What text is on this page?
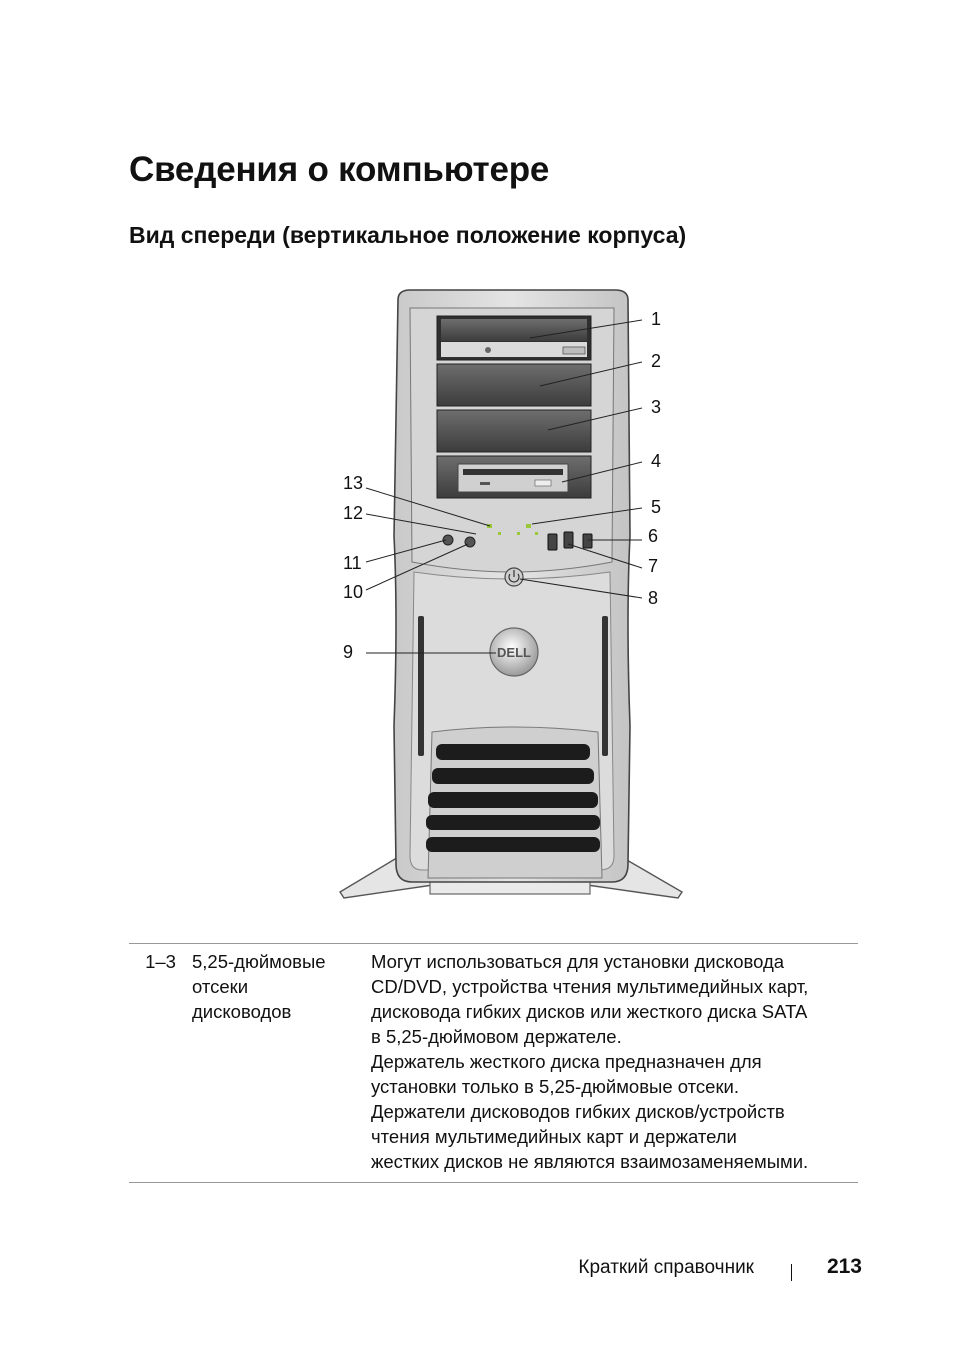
Сведения о компьютере
Вид спереди (вертикальное положение корпуса)
DELL
1
2
3
4
5
6
7
8
13
12
11
10
9
1–3 5,25-дюймовые
отсеки
дисководов
Могут использоваться для установки дисковода
CD/DVD, устройства чтения мультимедийных карт,
дисковода гибких дисков или жесткого диска SATA
в 5,25-дюймовом держателе.
Держатель жесткого диска предназначен для
установки только в 5,25-дюймовые отсеки.
Держатели дисководов гибких дисков/устройств
чтения мультимедийных карт и держатели
жестких дисков не являются взаимозаменяемыми.
Краткий справочник	213
